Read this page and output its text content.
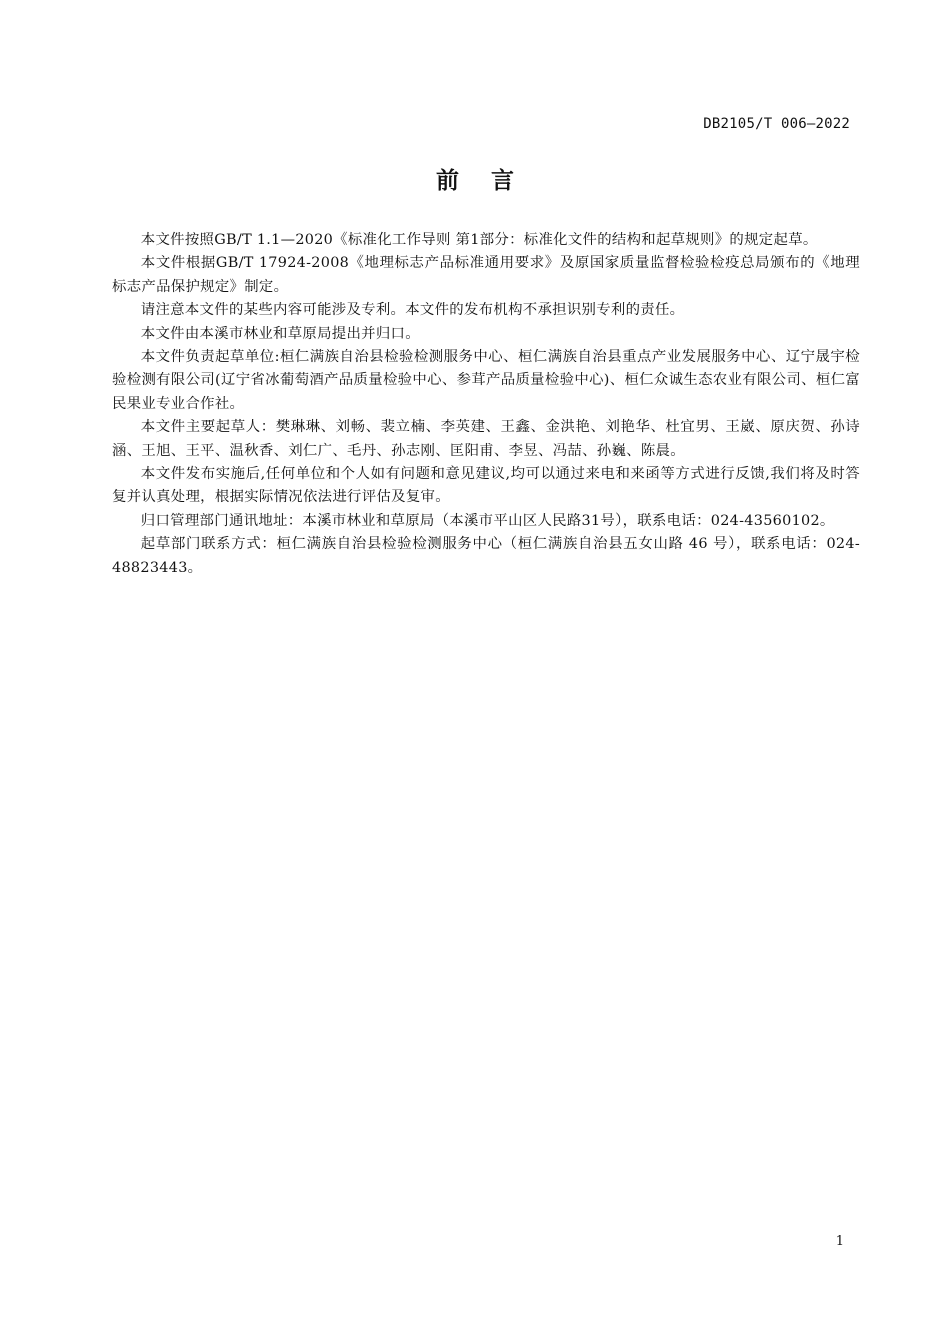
DB2105/T 006—2022
前 言

本文件按照GB/T 1.1—2020《标准化工作导则 第1部分：标准化文件的结构和起草规则》的规定起草。

本文件根据GB/T 17924-2008《地理标志产品标准通用要求》及原国家质量监督检验检疫总局颁布的《地理标志产品保护规定》制定。

请注意本文件的某些内容可能涉及专利。本文件的发布机构不承担识别专利的责任。

本文件由本溪市林业和草原局提出并归口。

本文件负责起草单位:桓仁满族自治县检验检测服务中心、桓仁满族自治县重点产业发展服务中心、辽宁晟宇检验检测有限公司(辽宁省冰葡萄酒产品质量检验中心、参茸产品质量检验中心)、桓仁众诚生态农业有限公司、桓仁富民果业专业合作社。

本文件主要起草人：樊琳琳、刘畅、裴立楠、李英建、王鑫、金洪艳、刘艳华、杜宜男、王崴、原庆贺、孙诗涵、王旭、王平、温秋香、刘仁广、毛丹、孙志刚、匡阳甫、李昱、冯喆、孙巍、陈晨。

本文件发布实施后,任何单位和个人如有问题和意见建议,均可以通过来电和来函等方式进行反馈,我们将及时答复并认真处理，根据实际情况依法进行评估及复审。

归口管理部门通讯地址：本溪市林业和草原局（本溪市平山区人民路31号），联系电话：024-43560102。

起草部门联系方式：桓仁满族自治县检验检测服务中心（桓仁满族自治县五女山路 46 号），联系电话：024-48823443。

1
